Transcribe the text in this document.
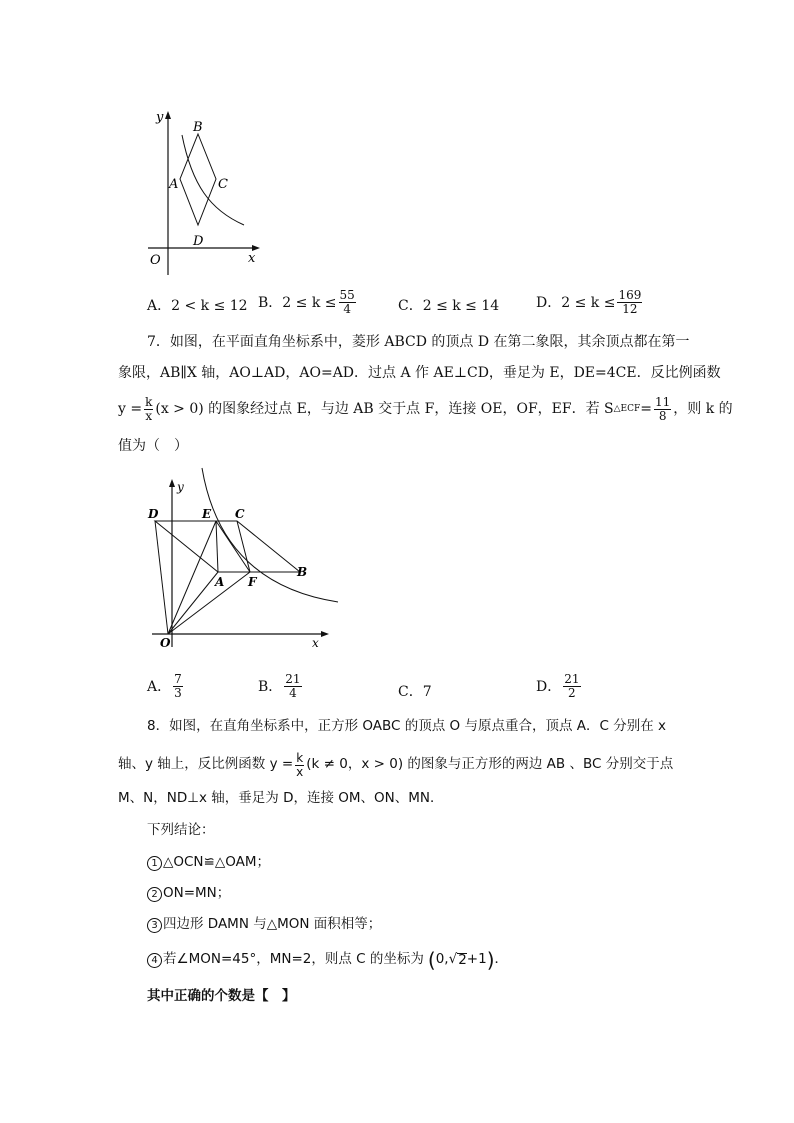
y
x
O
B
A	C
D
A．2 < k ≤ 12 B．$2 \le k \le \frac{55}{4}$	C．2 ≤ k ≤ 14	D．$2 \le k \le \frac{169}{12}$
7．如图，在平面直角坐标系中，菱形 ABCD 的顶点 D 在第二象限，其余顶点都在第一
象限，AB∥X 轴，AO⊥AD，AO=AD．过点 A 作 AE⊥CD，垂足为 E，DE=4CE．反比例函数
$y = \frac{k}{x} (x > 0)$ 的图象经过点 E，与边 AB 交于点 F，连接 OE，OF，EF．若 S △ECF = $\frac{11}{8}$ ，则 k 的
值为（　）
y
x
O
D	E C
A F
B
A． $\frac{7}{3}$	B． $\frac{21}{4}$	C．7	D． $\frac{21}{2}$
8．如图，在直角坐标系中，正方形 OABC 的顶点 O 与原点重合，顶点 A．C 分别在 x
轴、y 轴上，反比例函数 $y = \frac{k}{x} (k \ne 0$，x > 0) 的图象与正方形的两边 AB 、BC 分别交于点
M、N，ND⊥x 轴，垂足为 D，连接 OM、ON、MN．
下列结论：
1 △OCN≌△OAM；
2 ON=MN；
3 四边形 DAMN 与△MON 面积相等；
4 若∠MON=45°，MN=2，则点 C 的坐标为 ( 0, √ 2 +1 ) ．
其中正确的个数是【　】
